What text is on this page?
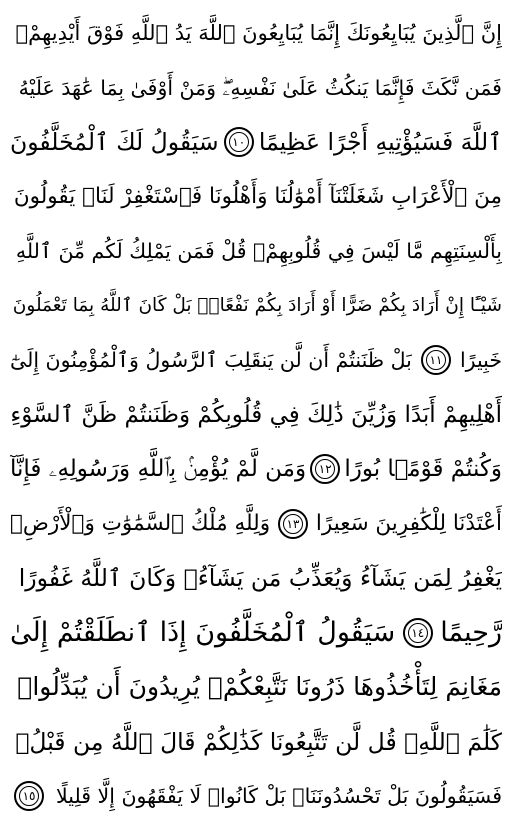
إِنَّ ٱلَّذِينَ يُبَايِعُونَكَ إِنَّمَا يُبَايِعُونَ ٱللَّهَ يَدُ ٱللَّهِ فَوْقَ أَيْدِيهِمْۚ
فَمَن نَّكَثَ فَإِنَّمَا يَنكُثُ عَلَىٰ نَفْسِهِۦۖ وَمَنْ أَوْفَىٰ بِمَا عَٰهَدَ عَلَيْهُ
ٱللَّهَ فَسَيُؤْتِيهِ أَجْرًا عَظِيمًا
١٠
سَيَقُولُ لَكَ ٱلْمُخَلَّفُونَ
مِنَ ٱلْأَعْرَابِ شَغَلَتْنَآ أَمْوَٰلُنَا وَأَهْلُونَا فَٱسْتَغْفِرْ لَنَاۚ يَقُولُونَ
بِأَلْسِنَتِهِم مَّا لَيْسَ فِي قُلُوبِهِمْۚ قُلْ فَمَن يَمْلِكُ لَكُم مِّنَ ٱللَّهِ
شَيْـًٔا إِنْ أَرَادَ بِكُمْ ضَرًّا أَوْ أَرَادَ بِكُمْ نَفْعًاۢۚ بَلْ كَانَ ٱللَّهُ بِمَا تَعْمَلُونَ
خَبِيرًا
١١
بَلْ ظَنَنتُمْ أَن لَّن يَنقَلِبَ ٱلرَّسُولُ وَٱلْمُؤْمِنُونَ إِلَىٰٓ
أَهْلِيهِمْ أَبَدًا وَزُيِّنَ ذَٰلِكَ فِي قُلُوبِكُمْ وَظَنَنتُمْ ظَنَّ ٱلسَّوْءِ
وَكُنتُمْ قَوْمًۢا بُورًا
١٢
وَمَن لَّمْ يُؤْمِنۢ بِٱللَّهِ وَرَسُولِهِۦ فَإِنَّآ
أَعْتَدْنَا لِلْكَٰفِرِينَ سَعِيرًا
١٣
وَلِلَّهِ مُلْكُ ٱلسَّمَٰوَٰتِ وَٱلْأَرْضِۚ
يَغْفِرُ لِمَن يَشَآءُ وَيُعَذِّبُ مَن يَشَآءُۚ وَكَانَ ٱللَّهُ غَفُورًا
رَّحِيمًا
١٤
سَيَقُولُ ٱلْمُخَلَّفُونَ إِذَا ٱنطَلَقْتُمْ إِلَىٰ
مَغَانِمَ لِتَأْخُذُوهَا ذَرُونَا نَتَّبِعْكُمْۖ يُرِيدُونَ أَن يُبَدِّلُوا۟
كَلَٰمَ ٱللَّهِۚ قُل لَّن تَتَّبِعُونَا كَذَٰلِكُمْ قَالَ ٱللَّهُ مِن قَبْلُۖ
فَسَيَقُولُونَ بَلْ تَحْسُدُونَنَاۚ بَلْ كَانُوا۟ لَا يَفْقَهُونَ إِلَّا قَلِيلًا
١٥
